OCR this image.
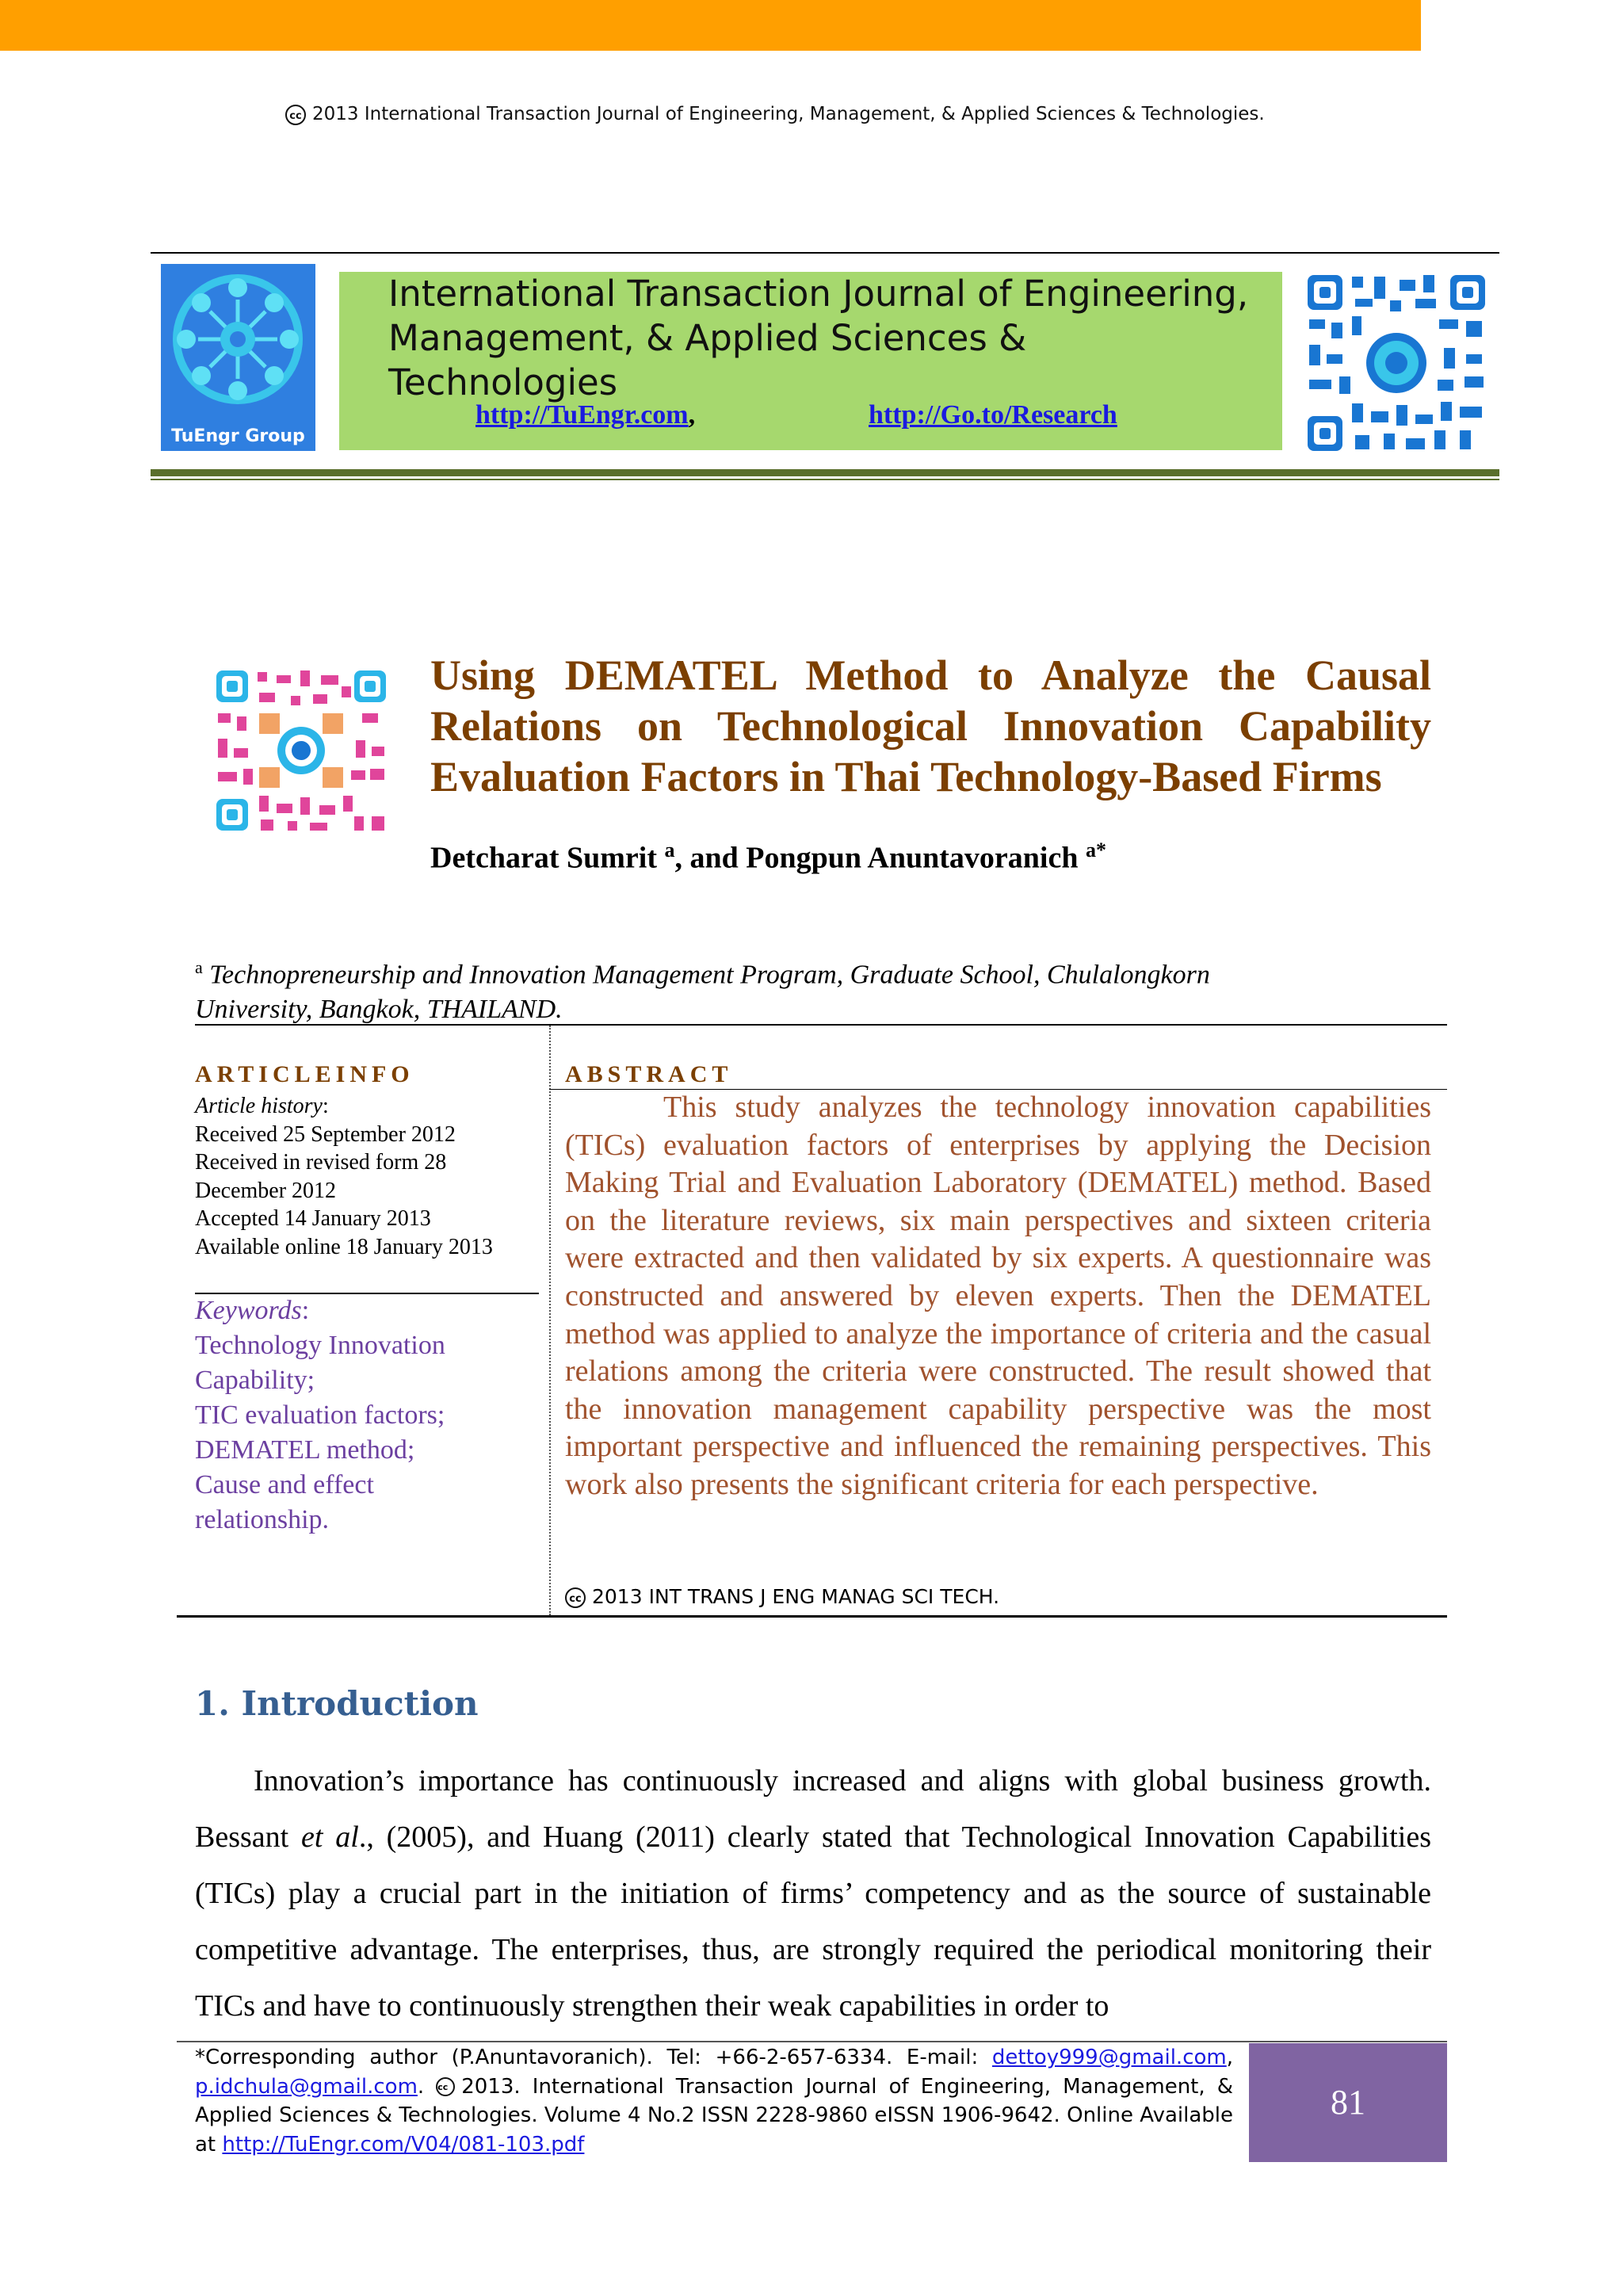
cc 2013 International Transaction Journal of Engineering, Management, & Applied Sciences & Technologies.
TuEngr Group
International Transaction Journal of Engineering,
Management, & Applied Sciences & Technologies
http://TuEngr.com,	http://Go.to/Research
Using DEMATEL Method to Analyze the Causal
Relations on Technological Innovation Capability
Evaluation Factors in Thai Technology-Based Firms
Detcharat Sumrit $^a$, and Pongpun Anuntavoranich $^{a*}$
$^a$ Technopreneurship and Innovation Management Program, Graduate School, Chulalongkorn
University, Bangkok, THAILAND.
ARTICLEINFO	ABSTRACT
Article history:
Received 25 September 2012
Received in revised form 28
December 2012
Accepted 14 January 2013
Available online 18 January 2013
Keywords:
Technology Innovation
Capability;
TIC evaluation factors;
DEMATEL method;
Cause and effect
relationship.
This study analyzes the technology innovation capabilities (TICs) evaluation factors of enterprises by applying the Decision Making Trial and Evaluation Laboratory (DEMATEL) method. Based on the literature reviews, six main perspectives and sixteen criteria were extracted and then validated by six experts. A questionnaire was constructed and answered by eleven experts. Then the DEMATEL method was applied to analyze the importance of criteria and the casual relations among the criteria were constructed. The result showed that the innovation management capability perspective was the most important perspective and influenced the remaining perspectives. This work also presents the significant criteria for each perspective.
cc 2013 INT TRANS J ENG MANAG SCI TECH.
1. Introduction
Innovation’s importance has continuously increased and aligns with global business growth. Bessant et al., (2005), and Huang (2011) clearly stated that Technological Innovation Capabilities (TICs) play a crucial part in the initiation of firms’ competency and as the source of sustainable competitive advantage. The enterprises, thus, are strongly required the periodical monitoring their TICs and have to continuously strengthen their weak capabilities in order to
*Corresponding author (P.Anuntavoranich). Tel: +66-2-657-6334. E-mail: dettoy999@gmail.com, p.idchula@gmail.com. cc 2013. International Transaction Journal of Engineering, Management, & Applied Sciences & Technologies. Volume 4 No.2 ISSN 2228-9860 eISSN 1906-9642. Online Available at http://TuEngr.com/V04/081-103.pdf
81
